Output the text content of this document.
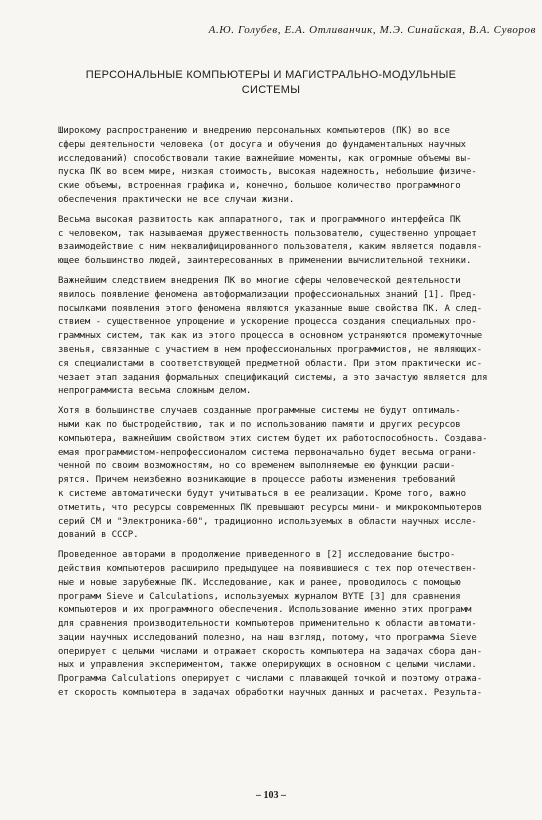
А.Ю. Голубев, Е.А. Отливанчик, М.Э. Синайская, В.А. Суворов
ПЕРСОНАЛЬНЫЕ КОМПЬЮТЕРЫ И МАГИСТРАЛЬНО-МОДУЛЬНЫЕ
СИСТЕМЫ
Широкому распространению и внедрению персональных компьютеров (ПК) во все
сферы деятельности человека (от досуга и обучения до фундаментальных научных
исследований) способствовали такие важнейшие моменты, как огромные объемы вы-
пуска ПК во всем мире, низкая стоимость, высокая надежность, небольшие физиче-
ские объемы, встроенная графика и, конечно, большое количество программного
обеспечения практически не все случаи жизни.
Весьма высокая развитость как аппаратного, так и программного интерфейса ПК
с человеком, так называемая дружественность пользователю, существенно упрощает
взаимодействие с ним неквалифицированного пользователя, каким является подавля-
ющее большинство людей, заинтересованных в применении вычислительной техники.
Важнейшим следствием внедрения ПК во многие сферы человеческой деятельности
явилось появление феномена автоформализации профессиональных знаний [1]. Пред-
посылками появления этого феномена являются указанные выше свойства ПК. А след-
ствием - существенное упрощение и ускорение процесса создания специальных про-
граммных систем, так как из этого процесса в основном устраняются промежуточные
звенья, связанные с участием в нем профессиональных программистов, не являющих-
ся специалистами в соответствующей предметной области. При этом практически ис-
чезает этап задания формальных спецификаций системы, а это зачастую является для
непрограммиста весьма сложным делом.
Хотя в большинстве случаев созданные программные системы не будут оптималь-
ными как по быстродействию, так и по использованию памяти и других ресурсов
компьютера, важнейшим свойством этих систем будет их работоспособность. Создава-
емая программистом-непрофессионалом система первоначально будет весьма ограни-
ченной по своим возможностям, но со временем выполняемые ею функции расши-
рятся. Причем неизбежно возникающие в процессе работы изменения требований
к системе автоматически будут учитываться в ее реализации. Кроме того, важно
отметить, что ресурсы современных ПК превышают ресурсы мини- и микрокомпьютеров
серий СМ и "Электроника-60", традиционно используемых в области научных иссле-
дований в СССР.
Проведенное авторами в продолжение приведенного в [2] исследование быстро-
действия компьютеров расширило предыдущее на появившиеся с тех пор отечествен-
ные и новые зарубежные ПК. Исследование, как и ранее, проводилось с помощью
программ Sieve и Calculations, используемых журналом BYTE [3] для сравнения
компьютеров и их программного обеспечения. Использование именно этих программ
для сравнения производительности компьютеров применительно к области автомати-
зации научных исследований полезно, на наш взгляд, потому, что программа Sieve
оперирует с целыми числами и отражает скорость компьютера на задачах сбора дан-
ных и управления экспериментом, также оперирующих в основном с целыми числами.
Программа Calculations оперирует с числами с плавающей точкой и поэтому отража-
ет скорость компьютера в задачах обработки научных данных и расчетах. Результа-
– 103 –
